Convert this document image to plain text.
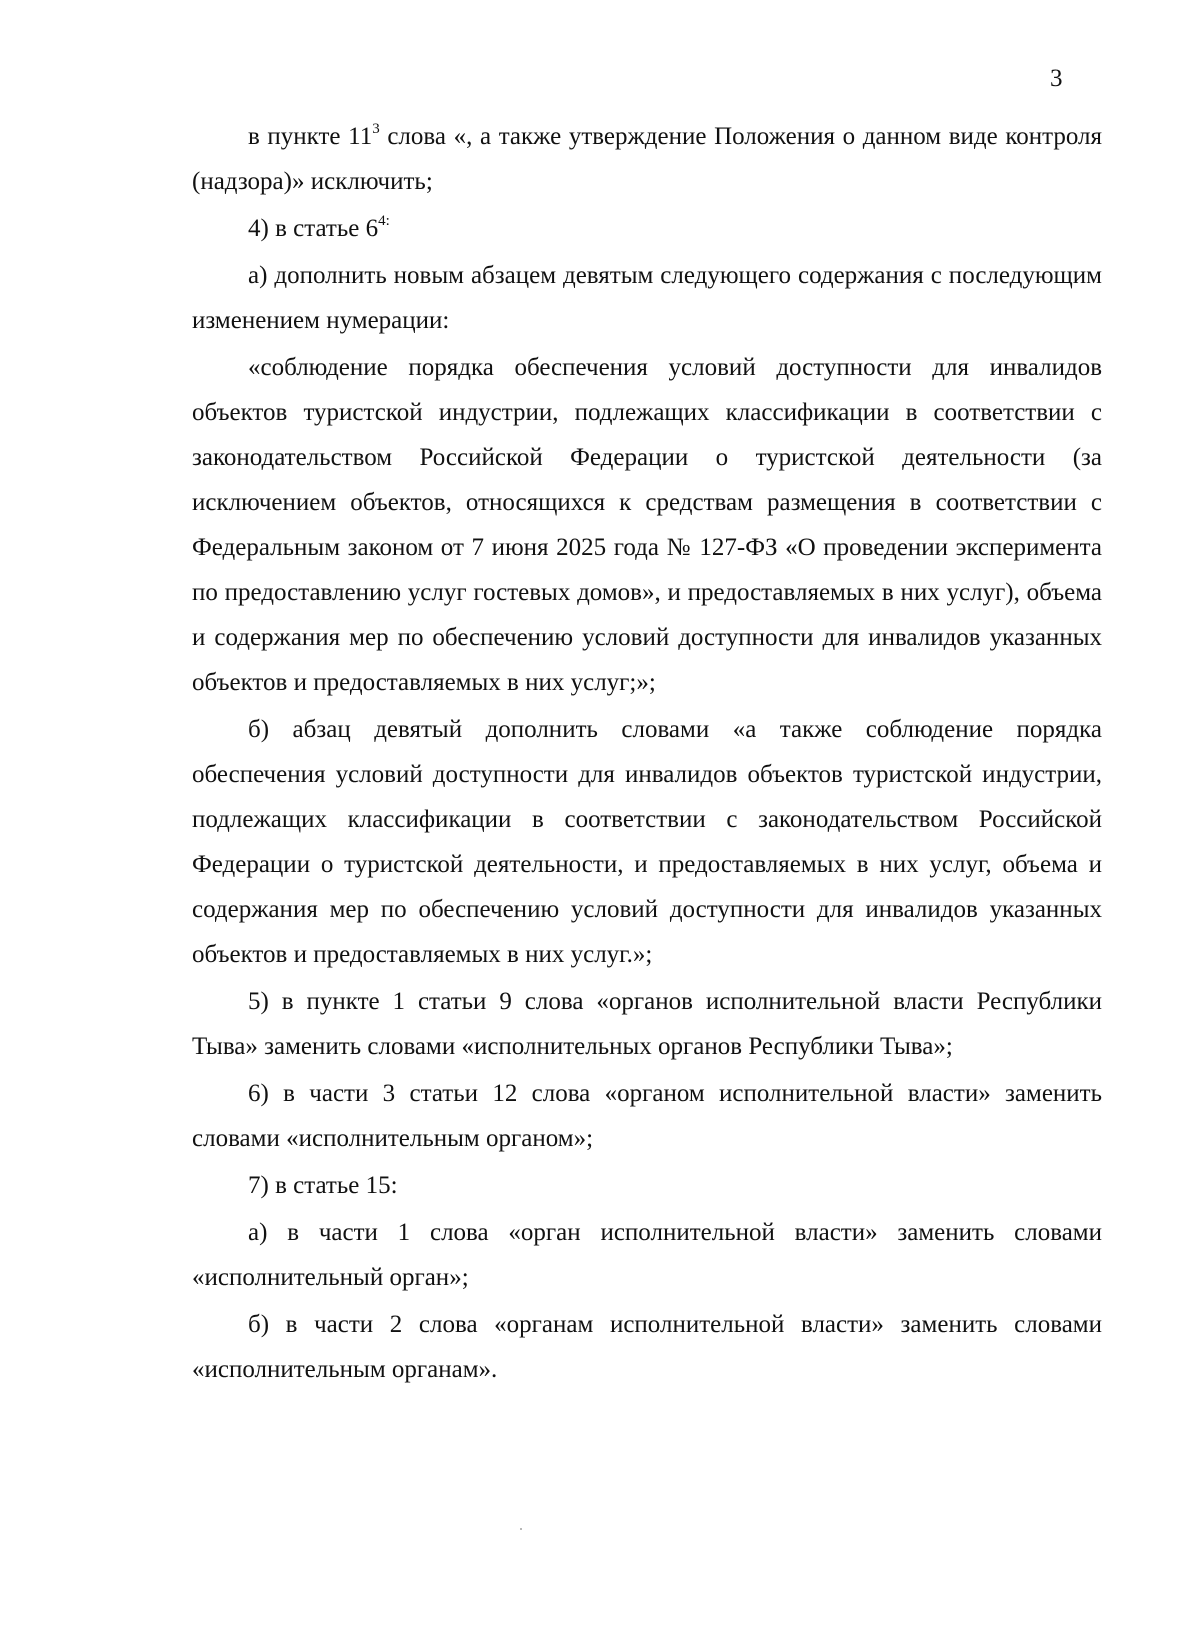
3

в пункте $11^3$ слова «, а также утверждение Положения о данном виде контроля (надзора)» исключить;

4) в статье $6^{4:}$

а) дополнить новым абзацем девятым следующего содержания с последующим изменением нумерации:

«соблюдение порядка обеспечения условий доступности для инвалидов объектов туристской индустрии, подлежащих классификации в соответствии с законодательством Российской Федерации о туристской деятельности (за исключением объектов, относящихся к средствам размещения в соответствии с Федеральным законом от 7 июня 2025 года № 127-ФЗ «О проведении эксперимента по предоставлению услуг гостевых домов», и предоставляемых в них услуг), объема и содержания мер по обеспечению условий доступности для инвалидов указанных объектов и предоставляемых в них услуг;»;

б) абзац девятый дополнить словами «а также соблюдение порядка обеспечения условий доступности для инвалидов объектов туристской индустрии, подлежащих классификации в соответствии с законодательством Российской Федерации о туристской деятельности, и предоставляемых в них услуг, объема и содержания мер по обеспечению условий доступности для инвалидов указанных объектов и предоставляемых в них услуг.»;

5) в пункте 1 статьи 9 слова «органов исполнительной власти Республики Тыва» заменить словами «исполнительных органов Республики Тыва»;

6) в части 3 статьи 12 слова «органом исполнительной власти» заменить словами «исполнительным органом»;

7) в статье 15:

а) в части 1 слова «орган исполнительной власти» заменить словами «исполнительный орган»;

б) в части 2 слова «органам исполнительной власти» заменить словами «исполнительным органам».
